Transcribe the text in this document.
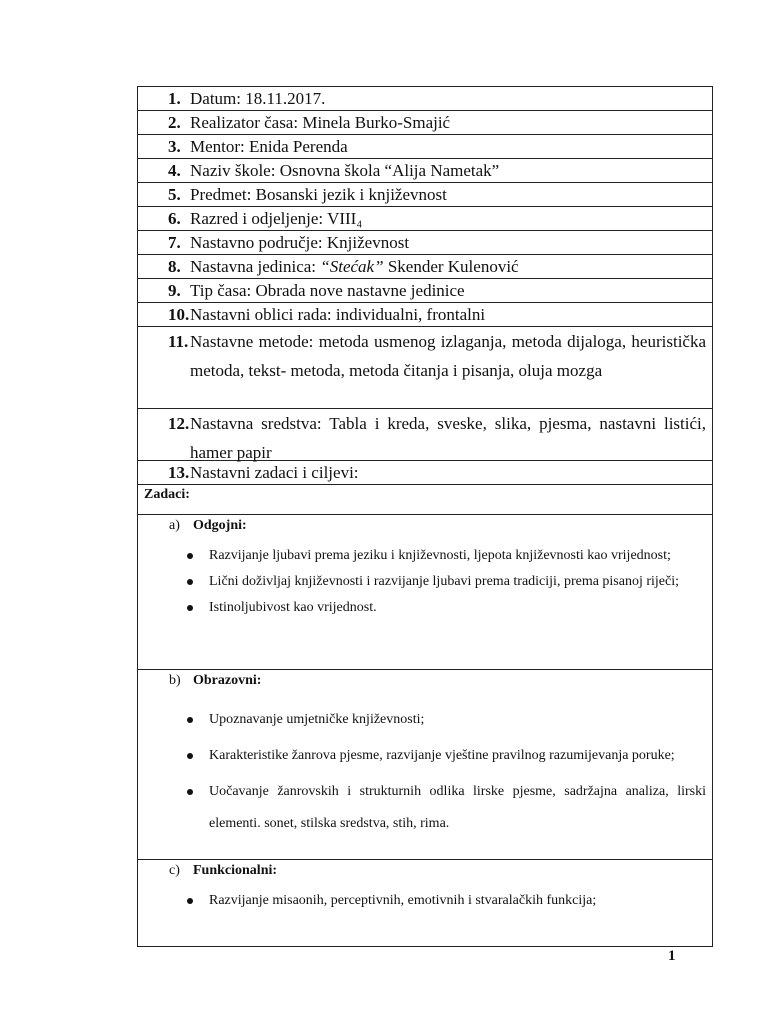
1. Datum: 18.11.2017.
2. Realizator časa: Minela Burko-Smajić
3. Mentor: Enida Perenda
4. Naziv škole: Osnovna škola “Alija Nametak”
5. Predmet: Bosanski jezik i književnost
6. Razred i odjeljenje: VIII₄
7. Nastavno područje: Književnost
8. Nastavna jedinica: “Stećak” Skender Kulenović
9. Tip časa: Obrada nove nastavne jedinice
10. Nastavni oblici rada: individualni, frontalni
11. Nastavne metode: metoda usmenog izlaganja, metoda dijaloga, heuristička metoda, tekst- metoda, metoda čitanja i pisanja, oluja mozga
12. Nastavna sredstva: Tabla i kreda, sveske, slika, pjesma, nastavni listići, hamer papir
13. Nastavni zadaci i ciljevi:
Zadaci:
a) Odgojni:
Razvijanje ljubavi prema jeziku i književnosti, ljepota književnosti kao vrijednost;
Lični doživljaj književnosti i razvijanje ljubavi prema tradiciji, prema pisanoj riječi;
Istinoljubivost kao vrijednost.
b) Obrazovni:
Upoznavanje umjetničke književnosti;
Karakteristike žanrova pjesme, razvijanje vještine pravilnog razumijevanja poruke;
Uočavanje žanrovskih i strukturnih odlika lirske pjesme, sadržajna analiza, lirski elementi. sonet, stilska sredstva, stih, rima.
c) Funkcionalni:
Razvijanje misaonih, perceptivnih, emotivnih i stvaralačkih funkcija;
1
